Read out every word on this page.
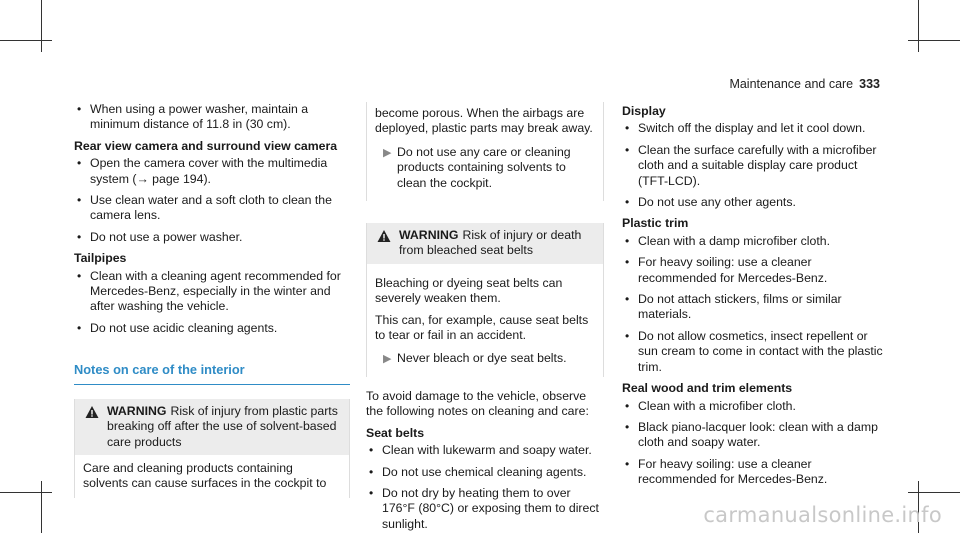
Maintenance and care 333
• When using a power washer, maintain a minimum distance of 11.8 in (30 cm).
Rear view camera and surround view camera
• Open the camera cover with the multimedia system (→ page 194).
• Use clean water and a soft cloth to clean the camera lens.
• Do not use a power washer.
Tailpipes
• Clean with a cleaning agent recommended for Mercedes-Benz, especially in the winter and after washing the vehicle.
• Do not use acidic cleaning agents.
Notes on care of the interior
WARNING Risk of injury from plastic parts breaking off after the use of solvent-based care products
Care and cleaning products containing solvents can cause surfaces in the cockpit to
become porous. When the airbags are deployed, plastic parts may break away.
▶ Do not use any care or cleaning products containing solvents to clean the cockpit.
WARNING Risk of injury or death from bleached seat belts
Bleaching or dyeing seat belts can severely weaken them.
This can, for example, cause seat belts to tear or fail in an accident.
▶ Never bleach or dye seat belts.
To avoid damage to the vehicle, observe the following notes on cleaning and care:
Seat belts
• Clean with lukewarm and soapy water.
• Do not use chemical cleaning agents.
• Do not dry by heating them to over 176°F (80°C) or exposing them to direct sunlight.
Display
• Switch off the display and let it cool down.
• Clean the surface carefully with a microfiber cloth and a suitable display care product (TFT-LCD).
• Do not use any other agents.
Plastic trim
• Clean with a damp microfiber cloth.
• For heavy soiling: use a cleaner recommended for Mercedes-Benz.
• Do not attach stickers, films or similar materials.
• Do not allow cosmetics, insect repellent or sun cream to come in contact with the plastic trim.
Real wood and trim elements
• Clean with a microfiber cloth.
• Black piano-lacquer look: clean with a damp cloth and soapy water.
• For heavy soiling: use a cleaner recommended for Mercedes-Benz.
carmanualsonline.info
